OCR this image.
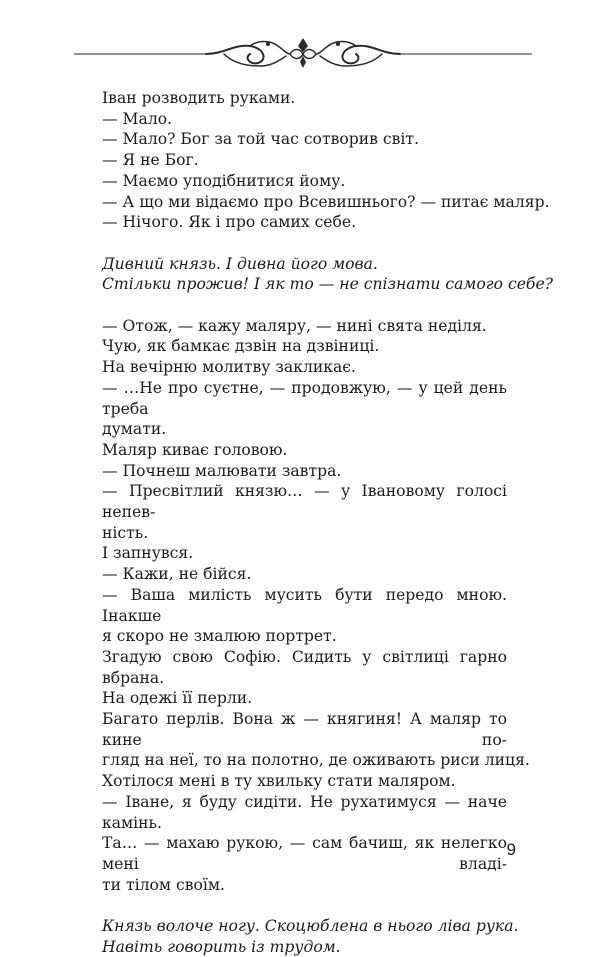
Іван розводить руками.
— Мало.
— Мало? Бог за той час сотворив світ.
— Я не Бог.
— Маємо уподібнитися йому.
— А що ми відаємо про Всевишнього? — питає маляр.
— Нічого. Як і про самих себе.
Дивний князь. І дивна його мова.
Стільки прожив! І як то — не спізнати самого себе?
— Отож, — кажу маляру, — нині свята неділя.
Чую, як бамкає дзвін на дзвіниці.
На вечірню молитву закликає.
— …Не про суєтне, — продовжую, — у цей день треба
думати.
Маляр киває головою.
— Почнеш малювати завтра.
— Пресвітлий князю… — у Івановому голосі непев-
ність.
І запнувся.
— Кажи, не бійся.
— Ваша милість мусить бути передо мною. Інакше
я скоро не змалюю портрет.
Згадую свою Софію. Сидить у світлиці гарно вбрана.
На одежі її перли.
Багато перлів. Вона ж — княгиня! А маляр то кине по-
гляд на неї, то на полотно, де оживають риси лиця.
Хотілося мені в ту хвильку стати маляром.
— Іване, я буду сидіти. Не рухатимуся — наче камінь.
Та… — махаю рукою, — сам бачиш, як нелегко мені владі-
ти тілом своїм.
Князь волоче ногу. Скоцюблена в нього ліва рука.
Навіть говорить із трудом.
9
